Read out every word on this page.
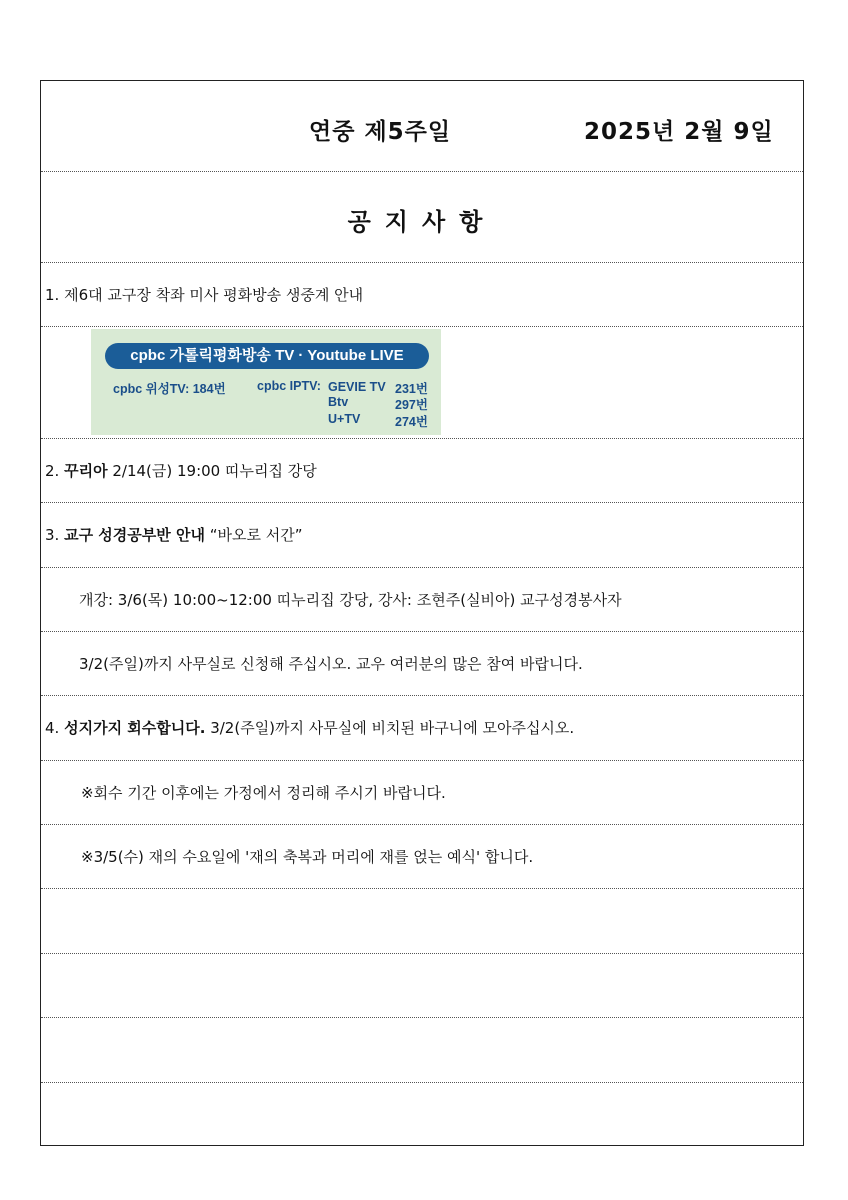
연중 제5주일	2025년 2월 9일
공지사항
1. 제6대 교구장 착좌 미사 평화방송 생중계 안내
cpbc 가톨릭평화방송 TV · Youtube LIVE
cpbc 위성TV: 184번	cpbc IPTV: GEVIE TV 231번
Btv	297번
U+TV	274번
2. 꾸리아 2/14(금) 19:00 띠누리집 강당
3. 교구 성경공부반 안내 “바오로 서간”
개강: 3/6(목) 10:00~12:00 띠누리집 강당, 강사: 조현주(실비아) 교구성경봉사자
3/2(주일)까지 사무실로 신청해 주십시오. 교우 여러분의 많은 참여 바랍니다.
4. 성지가지 회수합니다. 3/2(주일)까지 사무실에 비치된 바구니에 모아주십시오.
※회수 기간 이후에는 가정에서 정리해 주시기 바랍니다.
※3/5(수) 재의 수요일에 '재의 축복과 머리에 재를 얹는 예식' 합니다.
